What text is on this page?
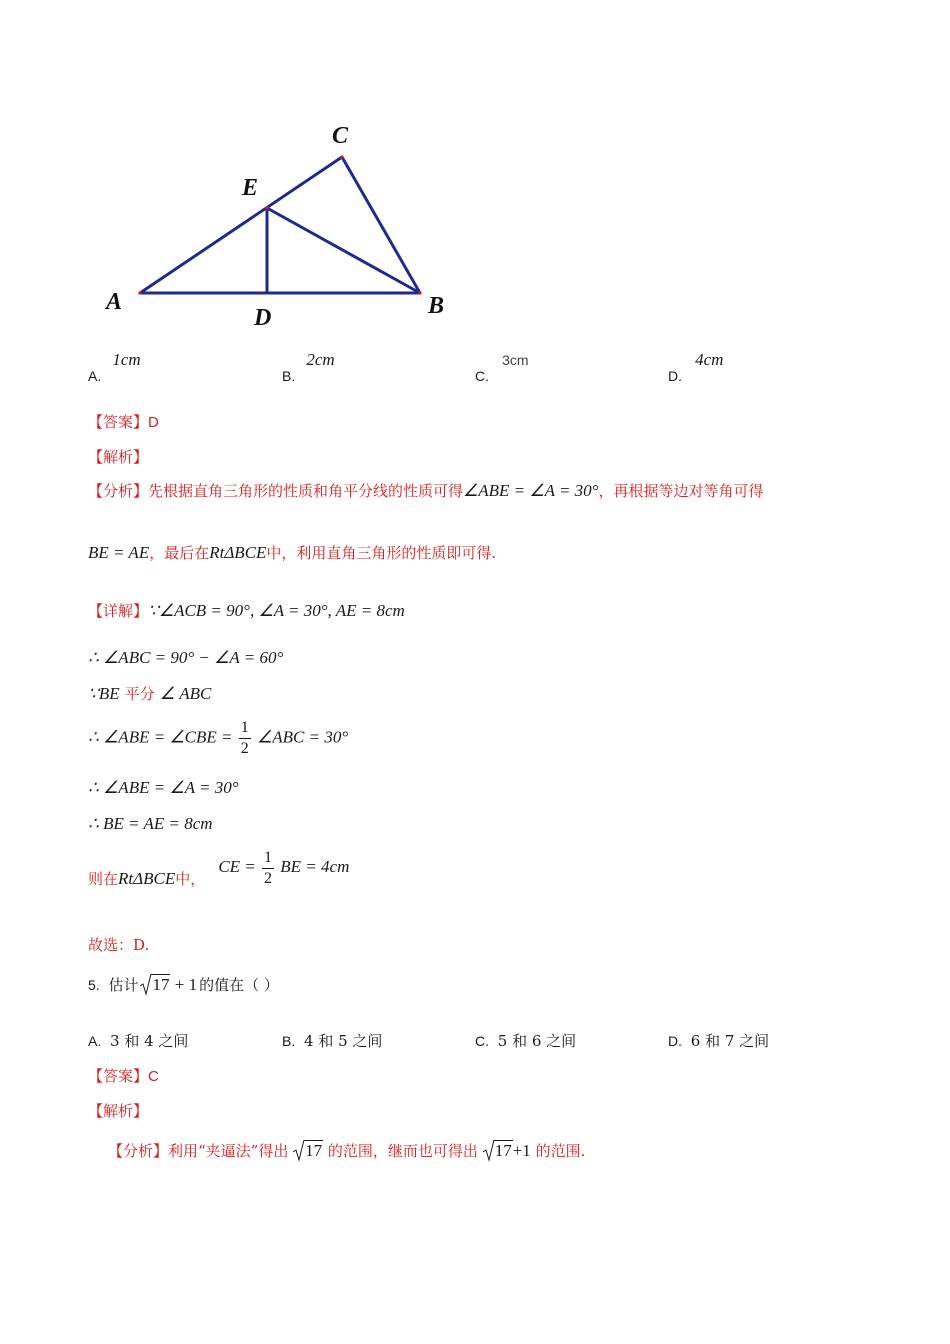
C
E
A
D	B
A. 1cm
B. 2cm
C. 3cm
D. 4cm
【答案】D
【解析】
【分析】先根据直角三角形的性质和角平分线的性质可得∠ABE = ∠A = 30°，再根据等边对等角可得
BE = AE，最后在RtΔBCE中，利用直角三角形的性质即可得.
【详解】∵∠ACB = 90°, ∠A = 30°, AE = 8cm
∴ ∠ABC = 90° − ∠A = 60°
∵BE 平分 ∠ ABC
∴ ∠ABE = ∠CBE = $\frac{1}{2}$ ∠ABC = 30°
∴ ∠ABE = ∠A = 30°
∴ BE = AE = 8cm
则在RtΔBCE中， CE = $\frac{1}{2}$ BE = 4cm
故选：D.
5. 估计 17 + 1 的值在（ ）
A. 3 和 4 之间	B. 4 和 5 之间	C. 5 和 6 之间	D. 6 和 7 之间
【答案】C
【解析】
【分析】利用“夹逼法”得出 17 的范围，继而也可得出 17+1 的范围.
